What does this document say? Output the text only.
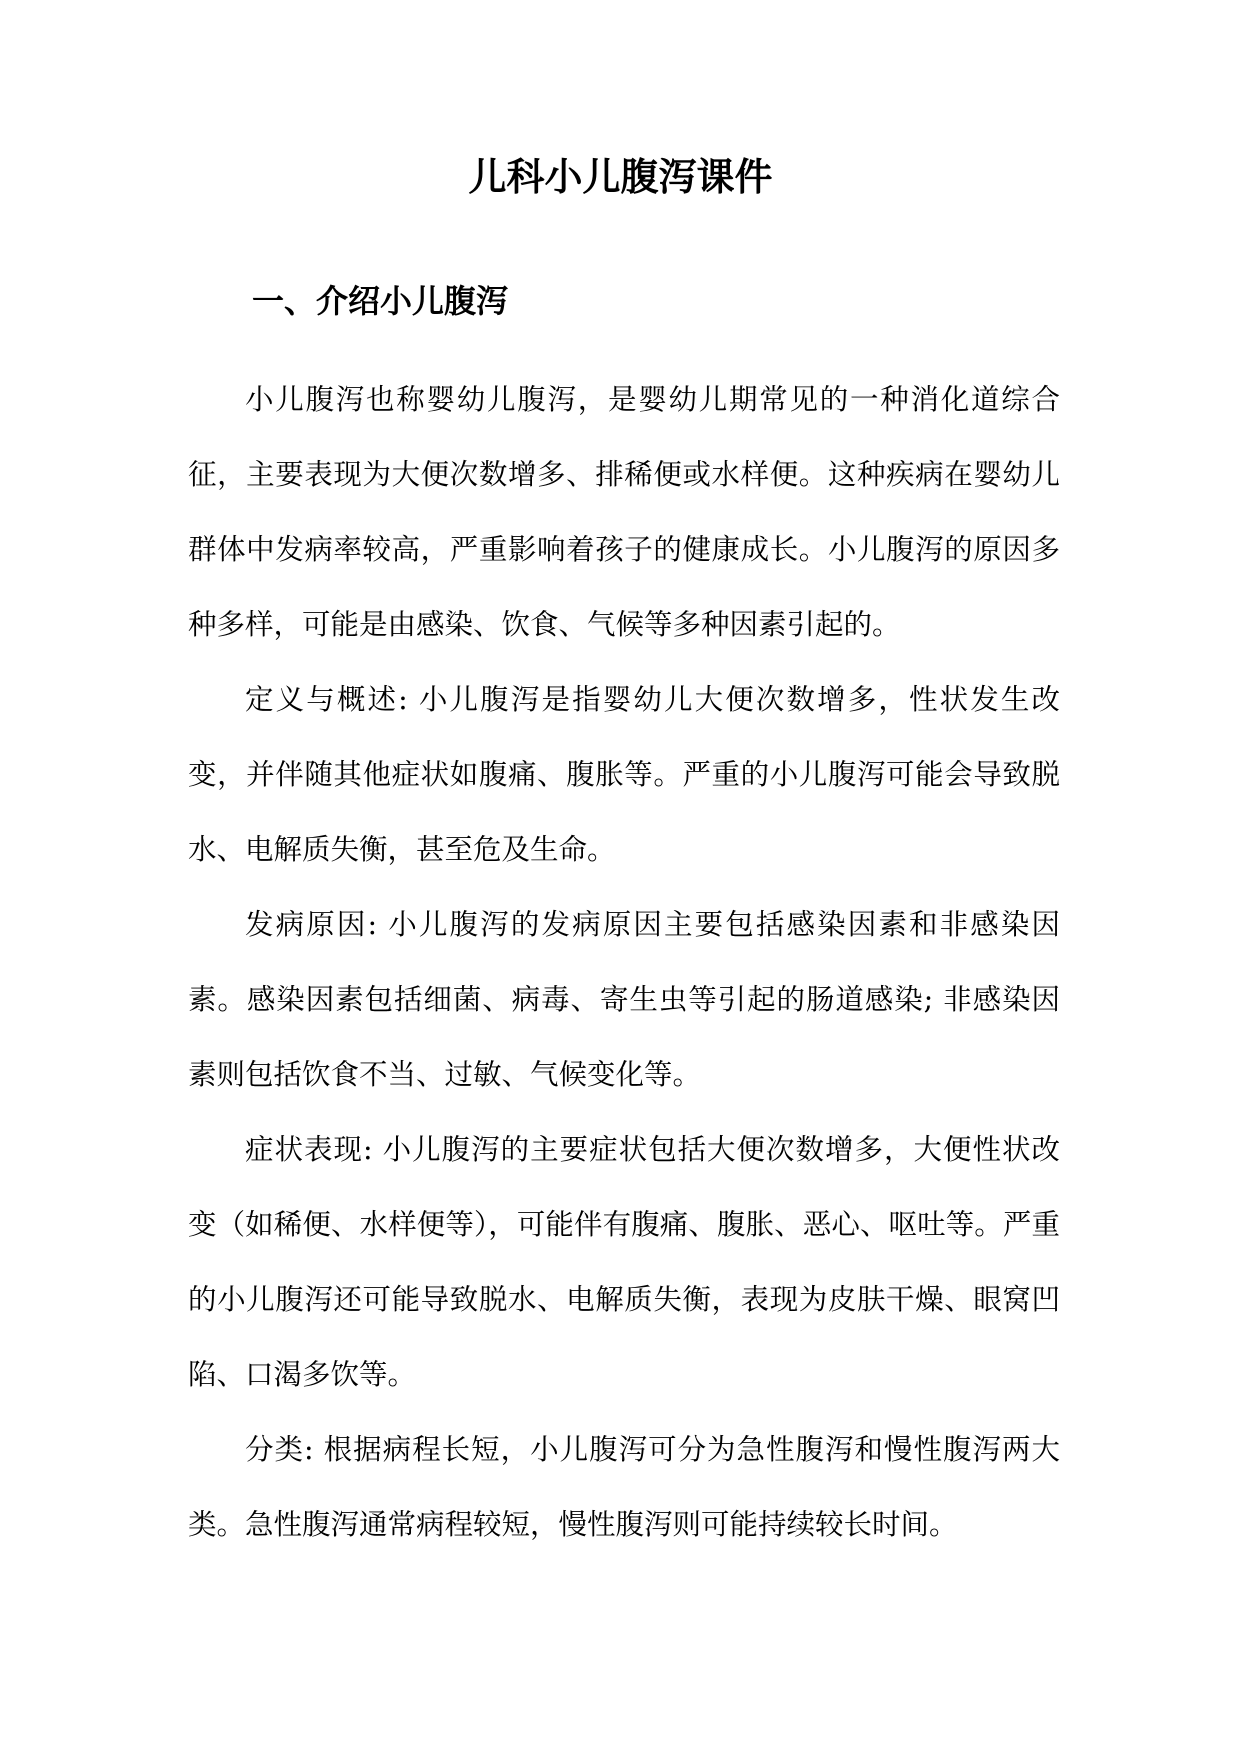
儿科小儿腹泻课件
一、介绍小儿腹泻

小儿腹泻也称婴幼儿腹泻，是婴幼儿期常见的一种消化道综合征，主要表现为大便次数增多、排稀便或水样便。这种疾病在婴幼儿群体中发病率较高，严重影响着孩子的健康成长。小儿腹泻的原因多种多样，可能是由感染、饮食、气候等多种因素引起的。

定义与概述: 小儿腹泻是指婴幼儿大便次数增多，性状发生改变，并伴随其他症状如腹痛、腹胀等。严重的小儿腹泻可能会导致脱水、电解质失衡，甚至危及生命。

发病原因: 小儿腹泻的发病原因主要包括感染因素和非感染因素。感染因素包括细菌、病毒、寄生虫等引起的肠道感染; 非感染因素则包括饮食不当、过敏、气候变化等。

症状表现: 小儿腹泻的主要症状包括大便次数增多，大便性状改变（如稀便、水样便等），可能伴有腹痛、腹胀、恶心、呕吐等。严重的小儿腹泻还可能导致脱水、电解质失衡，表现为皮肤干燥、眼窝凹陷、口渴多饮等。

分类: 根据病程长短，小儿腹泻可分为急性腹泻和慢性腹泻两大类。急性腹泻通常病程较短，慢性腹泻则可能持续较长时间。
